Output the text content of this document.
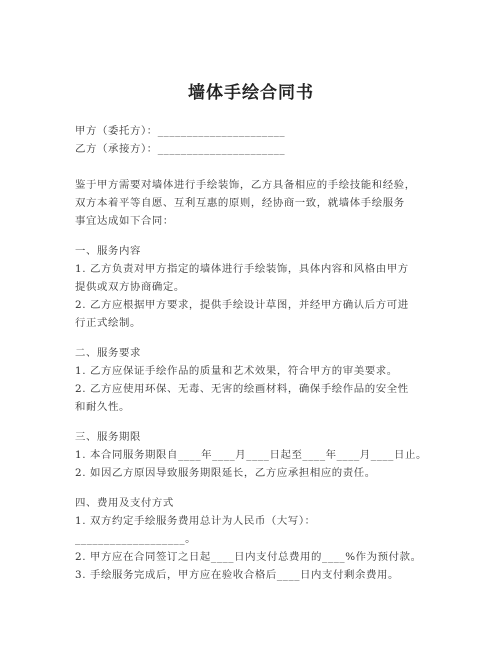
墙体手绘合同书
甲方（委托方）：______________________
乙方（承接方）：______________________
鉴于甲方需要对墙体进行手绘装饰，乙方具备相应的手绘技能和经验，
双方本着平等自愿、互利互惠的原则，经协商一致，就墙体手绘服务
事宜达成如下合同：
一、服务内容
1. 乙方负责对甲方指定的墙体进行手绘装饰，具体内容和风格由甲方
提供或双方协商确定。
2. 乙方应根据甲方要求，提供手绘设计草图，并经甲方确认后方可进
行正式绘制。
二、服务要求
1. 乙方应保证手绘作品的质量和艺术效果，符合甲方的审美要求。
2. 乙方应使用环保、无毒、无害的绘画材料，确保手绘作品的安全性
和耐久性。
三、服务期限
1. 本合同服务期限自____年____月____日起至____年____月____日止。
2. 如因乙方原因导致服务期限延长，乙方应承担相应的责任。
四、费用及支付方式
1. 双方约定手绘服务费用总计为人民币（大写）：
___________________。
2. 甲方应在合同签订之日起____日内支付总费用的____%作为预付款。
3. 手绘服务完成后，甲方应在验收合格后____日内支付剩余费用。
